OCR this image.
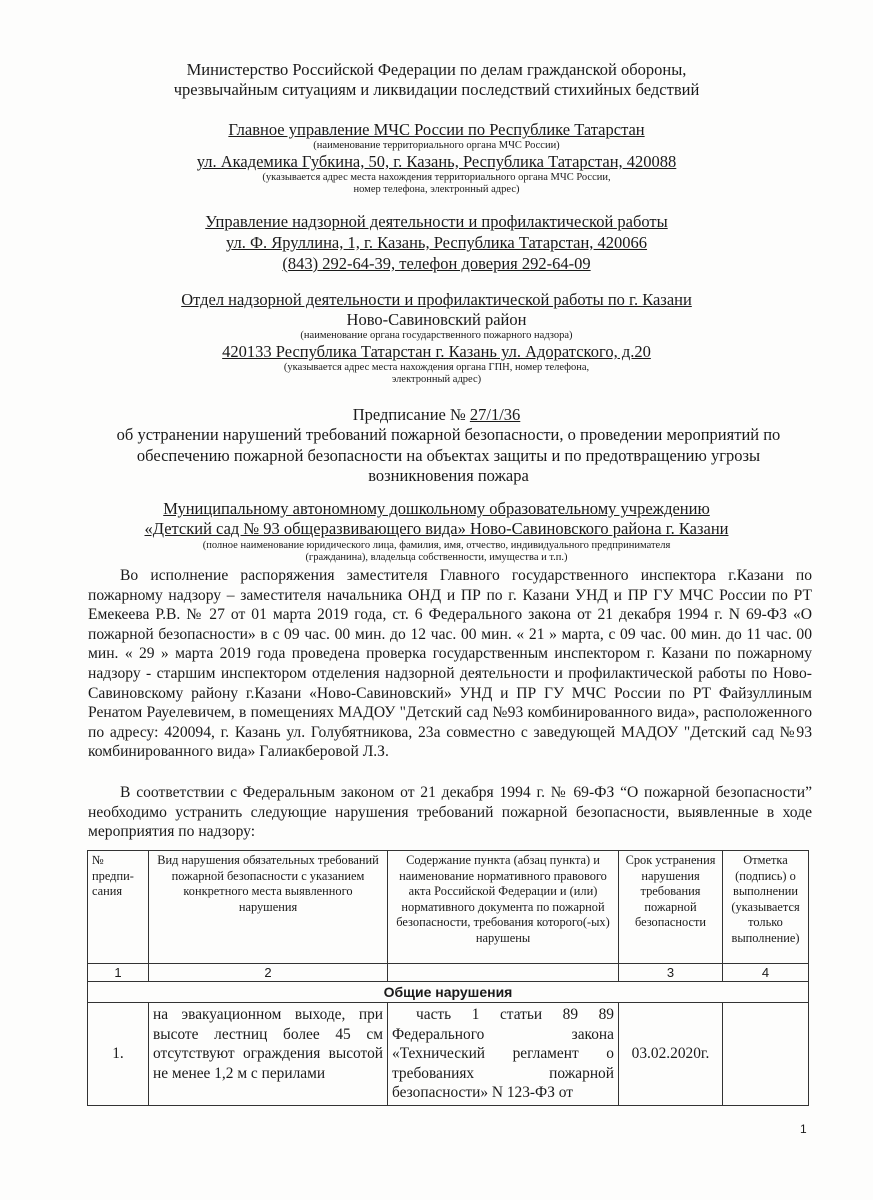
Министерство Российской Федерации по делам гражданской обороны,
чрезвычайным ситуациям и ликвидации последствий стихийных бедствий
Главное управление МЧС России по Республике Татарстан
(наименование территориального органа МЧС России)
ул. Академика Губкина, 50, г. Казань, Республика Татарстан, 420088
(указывается адрес места нахождения территориального органа МЧС России,
номер телефона, электронный адрес)
Управление надзорной деятельности и профилактической работы
ул. Ф. Яруллина, 1, г. Казань, Республика Татарстан, 420066
(843) 292-64-39, телефон доверия 292-64-09
Отдел надзорной деятельности и профилактической работы по г. Казани
Ново-Савиновский район
(наименование органа государственного пожарного надзора)
420133 Республика Татарстан г. Казань ул. Адоратского, д.20
(указывается адрес места нахождения органа ГПН, номер телефона,
электронный адрес)
Предписание № 27/1/36
об устранении нарушений требований пожарной безопасности, о проведении мероприятий по обеспечению пожарной безопасности на объектах защиты и по предотвращению угрозы возникновения пожара
Муниципальному автономному дошкольному образовательному учреждению
«Детский сад № 93 общеразвивающего вида» Ново-Савиновского района г. Казани
(полное наименование юридического лица, фамилия, имя, отчество, индивидуального предпринимателя
(гражданина), владельца собственности, имущества и т.п.)
Во исполнение распоряжения заместителя Главного государственного инспектора г.Казани по пожарному надзору – заместителя начальника ОНД и ПР по г. Казани УНД и ПР ГУ МЧС России по РТ Емекеева Р.В. № 27 от 01 марта 2019 года, ст. 6 Федерального закона от 21 декабря 1994 г. N 69-ФЗ «О пожарной безопасности» в с 09 час. 00 мин. до 12 час. 00 мин. « 21 » марта, с 09 час. 00 мин. до 11 час. 00 мин. « 29 » марта 2019 года проведена проверка государственным инспектором г. Казани по пожарному надзору - старшим инспектором отделения надзорной деятельности и профилактической работы по Ново-Савиновскому району г.Казани «Ново-Савиновский» УНД и ПР ГУ МЧС России по РТ Файзуллиным Ренатом Рауелевичем, в помещениях МАДОУ "Детский сад №93 комбинированного вида», расположенного по адресу: 420094, г. Казань ул. Голубятникова, 23а совместно с заведующей МАДОУ "Детский сад №93 комбинированного вида» Галиакберовой Л.З.
В соответствии с Федеральным законом от 21 декабря 1994 г. № 69-ФЗ “О пожарной безопасности” необходимо устранить следующие нарушения требований пожарной безопасности, выявленные в ходе мероприятия по надзору:
№ предпи-сания	Вид нарушения обязательных требований пожарной безопасности с указанием конкретного места выявленного нарушения	Содержание пункта (абзац пункта) и наименование нормативного правового акта Российской Федерации и (или) нормативного документа по пожарной безопасности, требования которого(-ых) нарушены	Срок устранения нарушения требования пожарной безопасности	Отметка (подпись) о выполнении (указывается только выполнение)
1	2		3	4
Общие нарушения				
1.	на эвакуационном выходе, при высоте лестниц более 45 см отсутствуют ограждения высотой не менее 1,2 м с перилами	часть 1 статьи 89 89 Федерального закона «Технический регламент о требованиях пожарной безопасности» N 123-ФЗ от	03.02.2020г.	
1
